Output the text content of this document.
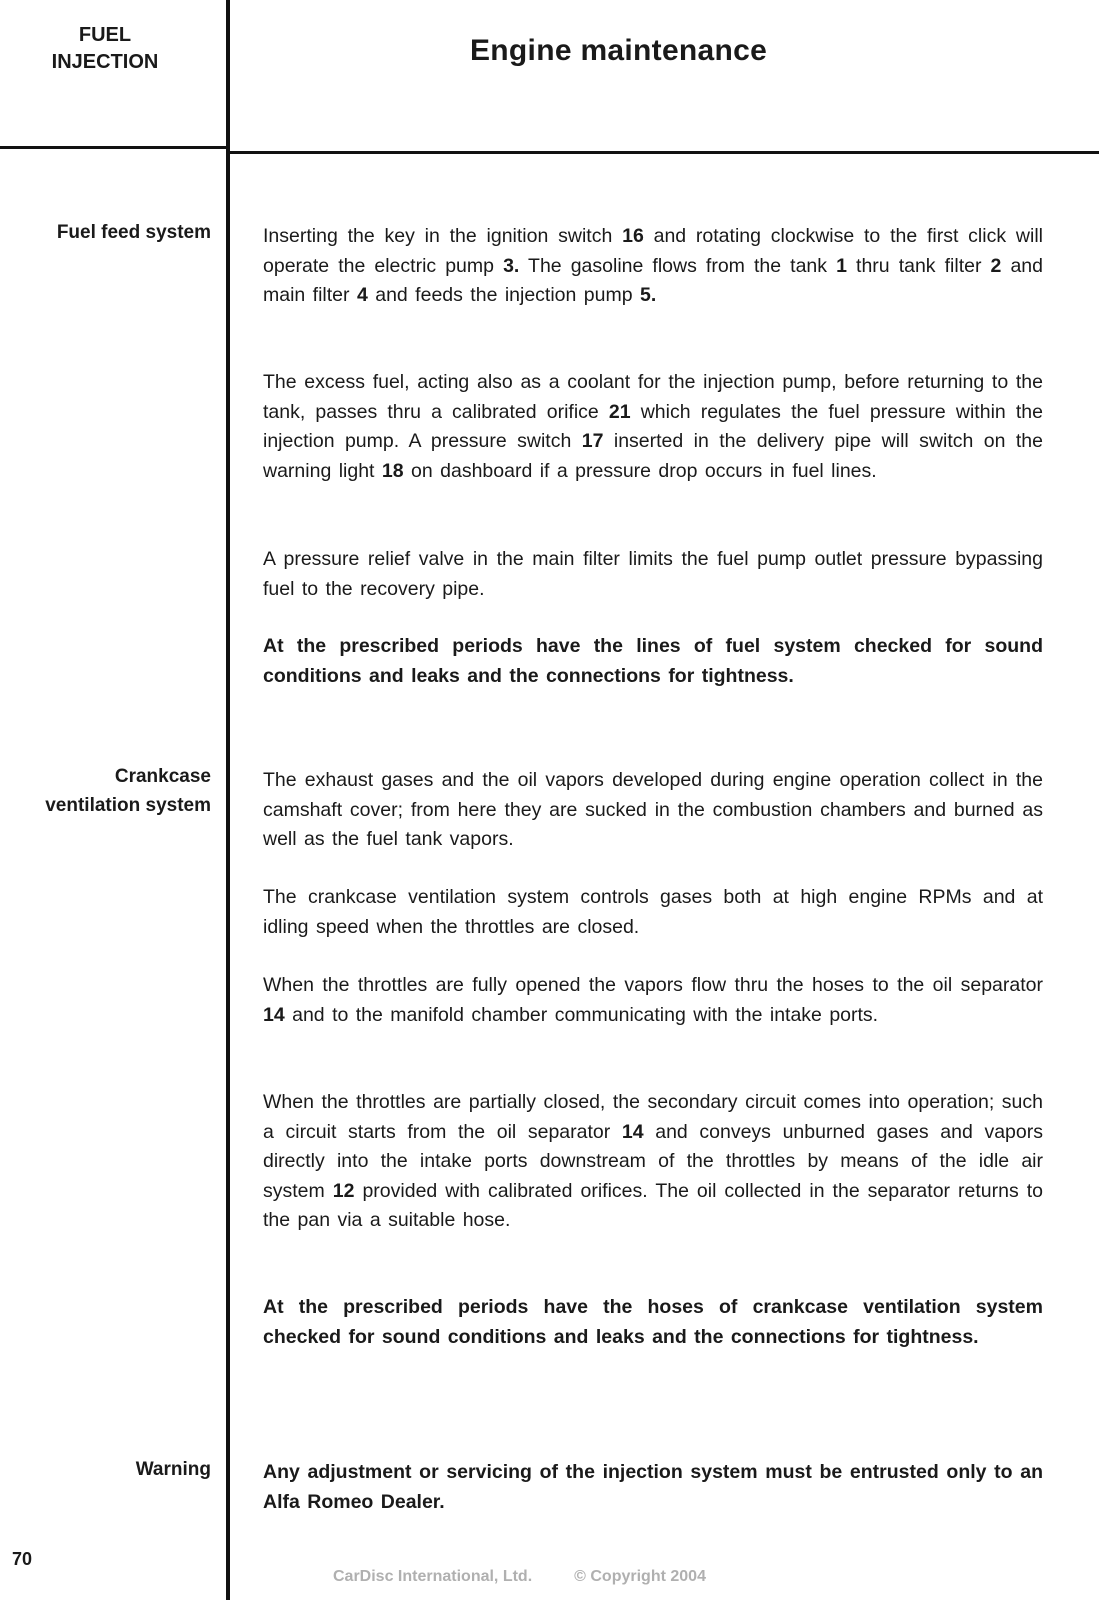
FUEL
INJECTION	Engine maintenance
Fuel feed system	Inserting the key in the ignition switch 16 and rotating clockwise to the first click will operate the electric pump 3. The gasoline flows from the tank 1 thru tank filter 2 and main filter 4 and feeds the injection pump 5.
The excess fuel, acting also as a coolant for the injection pump, before returning to the tank, passes thru a calibrated orifice 21 which regulates the fuel pressure within the injection pump. A pressure switch 17 inserted in the delivery pipe will switch on the warning light 18 on dashboard if a pressure drop occurs in fuel lines.
A pressure relief valve in the main filter limits the fuel pump outlet pressure bypassing fuel to the recovery pipe.
At the prescribed periods have the lines of fuel system checked for sound conditions and leaks and the connections for tightness.
Crankcase
ventilation system
The exhaust gases and the oil vapors developed during engine operation collect in the camshaft cover; from here they are sucked in the combustion chambers and burned as well as the fuel tank vapors.
The crankcase ventilation system controls gases both at high engine RPMs and at idling speed when the throttles are closed.
When the throttles are fully opened the vapors flow thru the hoses to the oil separator 14 and to the manifold chamber communicating with the intake ports.
When the throttles are partially closed, the secondary circuit comes into operation; such a circuit starts from the oil separator 14 and conveys unburned gases and vapors directly into the intake ports downstream of the throttles by means of the idle air system 12 provided with calibrated orifices. The oil collected in the separator returns to the pan via a suitable hose.
At the prescribed periods have the hoses of crankcase ventilation system checked for sound conditions and leaks and the connections for tightness.
Warning	Any adjustment or servicing of the injection system must be entrusted only to an Alfa Romeo Dealer.
70
CarDisc International, Ltd.	© Copyright 2004
